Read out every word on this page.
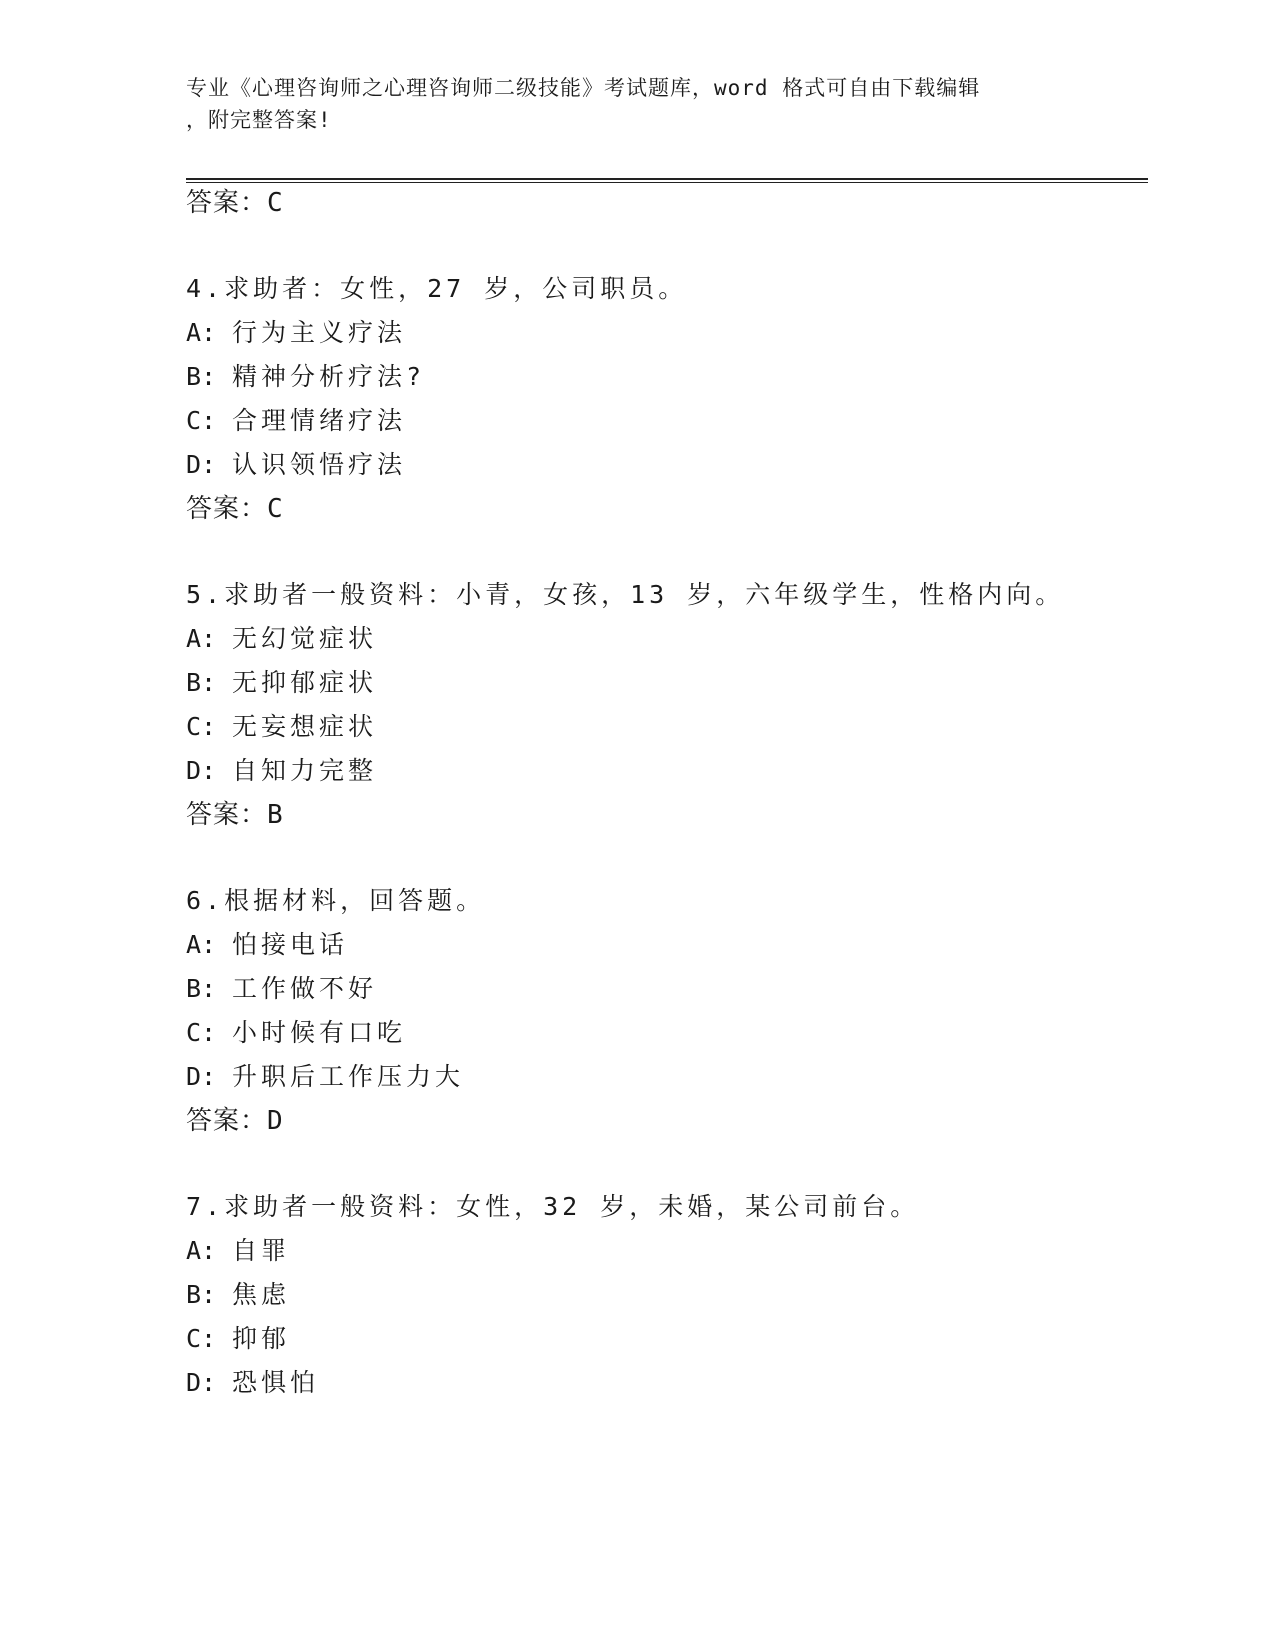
专业《心理咨询师之心理咨询师二级技能》考试题库，word 格式可自由下载编辑
，附完整答案!
答案：C
4.求助者：女性，27 岁，公司职员。
A: 行为主义疗法
B: 精神分析疗法?
C: 合理情绪疗法
D: 认识领悟疗法
答案：C
5.求助者一般资料：小青，女孩，13 岁，六年级学生，性格内向。
A: 无幻觉症状
B: 无抑郁症状
C: 无妄想症状
D: 自知力完整
答案：B
6.根据材料，回答题。
A: 怕接电话
B: 工作做不好
C: 小时候有口吃
D: 升职后工作压力大
答案：D
7.求助者一般资料：女性，32 岁，未婚，某公司前台。
A: 自罪
B: 焦虑
C: 抑郁
D: 恐惧怕
